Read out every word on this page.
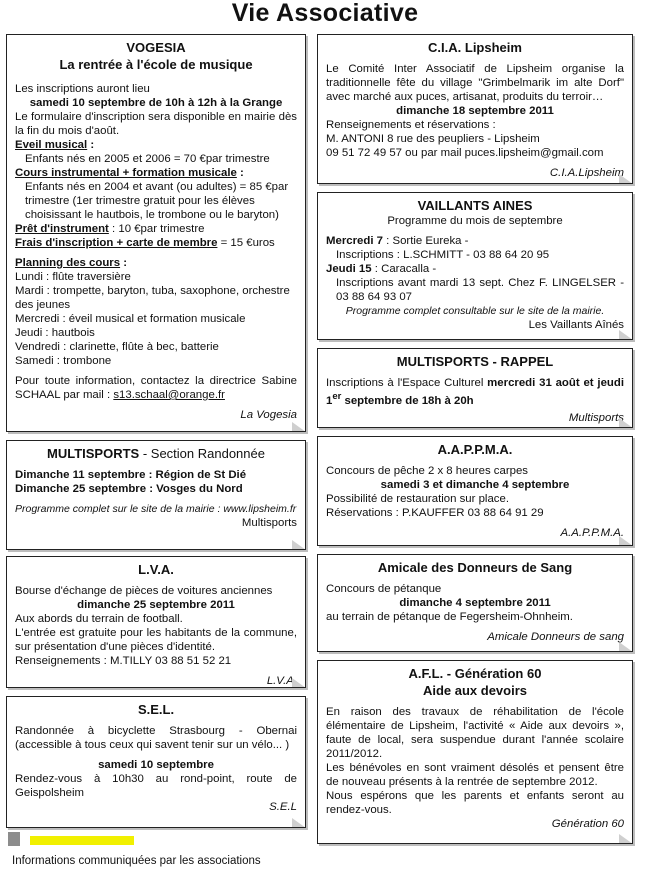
Vie Associative
VOGESIA
La rentrée à l'école de musique

Les inscriptions auront lieu

samedi 10 septembre de 10h à 12h à la Grange

Le formulaire d'inscription sera disponible en mairie dès la fin du mois d'août.

Eveil musical :

Enfants nés en 2005 et 2006 = 70 €par trimestre

Cours instrumental + formation musicale :

Enfants nés en 2004 et avant (ou adultes) = 85 €par trimestre (1er trimestre gratuit pour les élèves choisissant le hautbois, le trombone ou le baryton)

Prêt d'instrument : 10 €par trimestre

Frais d'inscription + carte de membre = 15 €uros

Planning des cours :

Lundi : flûte traversière

Mardi : trompette, baryton, tuba, saxophone, orchestre des jeunes

Mercredi : éveil musical et formation musicale

Jeudi : hautbois

Vendredi : clarinette, flûte à bec, batterie

Samedi : trombone

Pour toute information, contactez la directrice Sabine SCHAAL par mail : s13.schaal@orange.fr

La Vogesia

C.I.A. Lipsheim

Le Comité Inter Associatif de Lipsheim organise la traditionnelle fête du village "Grimbelmarik im alte Dorf" avec marché aux puces, artisanat, produits du terroir…

dimanche 18 septembre 2011

Renseignements et réservations :

M. ANTONI 8 rue des peupliers - Lipsheim

09 51 72 49 57 ou par mail puces.lipsheim@gmail.com

C.I.A.Lipsheim

VAILLANTS AINES

Programme du mois de septembre

Mercredi 7 : Sortie Eureka -

Inscriptions : L.SCHMITT - 03 88 64 20 95

Jeudi 15 : Caracalla -

Inscriptions avant mardi 13 sept. Chez F. LINGELSER - 03 88 64 93 07

Programme complet consultable sur le site de la mairie.

Les Vaillants Aînés

MULTISPORTS - RAPPEL

Inscriptions à l'Espace Culturel mercredi 31 août et jeudi 1er septembre de 18h à 20h

Multisports

MULTISPORTS - Section Randonnée

Dimanche 11 septembre : Région de St Dié

Dimanche 25 septembre : Vosges du Nord

Programme complet sur le site de la mairie : www.lipsheim.fr

Multisports

A.A.P.P.M.A.

Concours de pêche 2 x 8 heures carpes

samedi 3 et dimanche 4 septembre

Possibilité de restauration sur place.

Réservations : P.KAUFFER 03 88 64 91 29

A.A.P.P.M.A.

L.V.A.

Bourse d'échange de pièces de voitures anciennes

dimanche 25 septembre 2011

Aux abords du terrain de football.

L'entrée est gratuite pour les habitants de la commune, sur présentation d'une pièces d'identité.

Renseignements : M.TILLY 03 88 51 52 21

L.V.A.

Amicale des Donneurs de Sang

Concours de pétanque

dimanche 4 septembre 2011

au terrain de pétanque de Fegersheim-Ohnheim.

Amicale Donneurs de sang

S.E.L.

Randonnée à bicyclette Strasbourg - Obernai (accessible à tous ceux qui savent tenir sur un vélo... )

samedi 10 septembre

Rendez-vous à 10h30 au rond-point, route de Geispolsheim

S.E.L

A.F.L. - Génération 60
Aide aux devoirs

En raison des travaux de réhabilitation de l'école élémentaire de Lipsheim, l'activité « Aide aux devoirs », faute de local, sera suspendue durant l'année scolaire 2011/2012.

Les bénévoles en sont vraiment désolés et pensent être de nouveau présents à la rentrée de septembre 2012.

Nous espérons que les parents et enfants seront au rendez-vous.

Génération 60

Informations communiquées par les associations
